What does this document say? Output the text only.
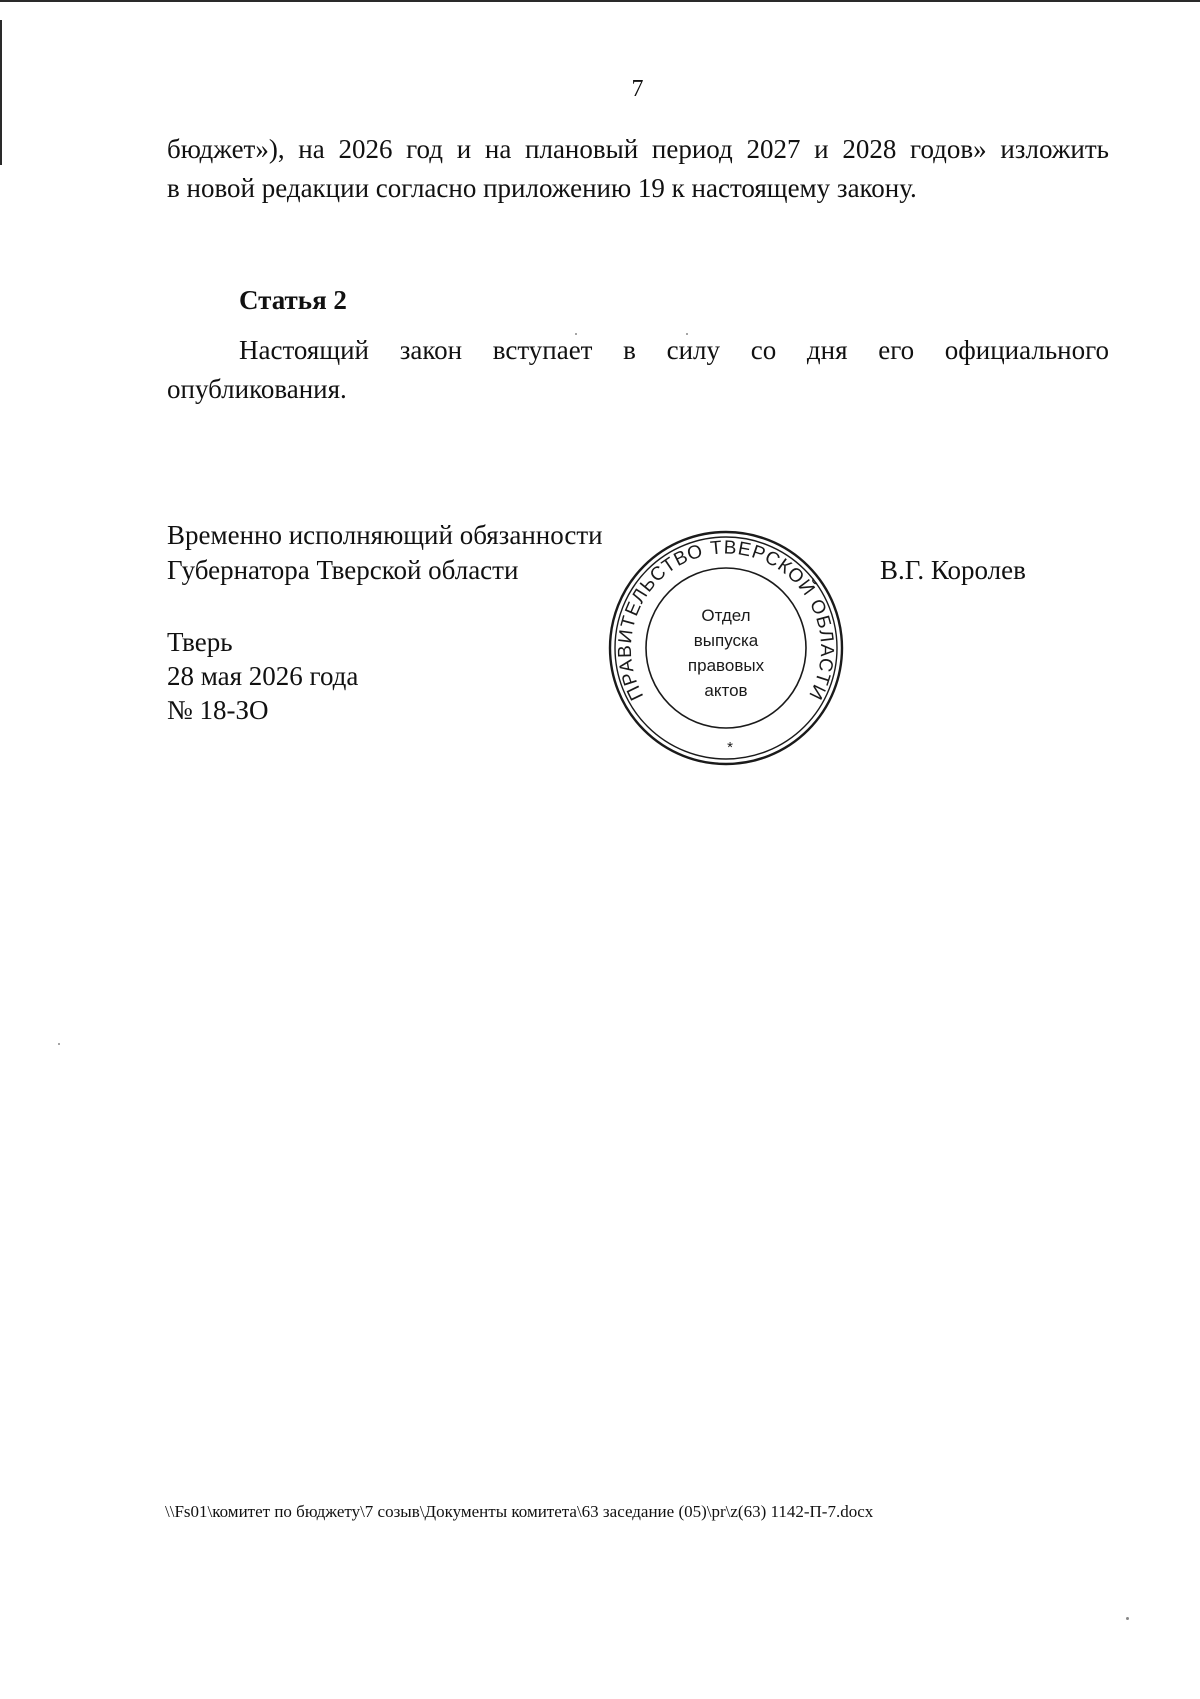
7
бюджет»), на 2026 год и на плановый период 2027 и 2028 годов» изложить
в новой редакции согласно приложению 19 к настоящему закону.
Статья 2
Настоящий закон вступает в силу со дня его официального
опубликования.
Временно исполняющий обязанности
Губернатора Тверской области	В.Г. Королев
Тверь
28 мая 2026 года
№ 18-ЗО
ПРАВИТЕЛЬСТВО ТВЕРСКОЙ ОБЛАСТИ
Отдел
выпуска
правовых
актов
*
\\Fs01\комитет по бюджету\7 созыв\Документы комитета\63 заседание (05)\pr\z(63) 1142-П-7.docx
